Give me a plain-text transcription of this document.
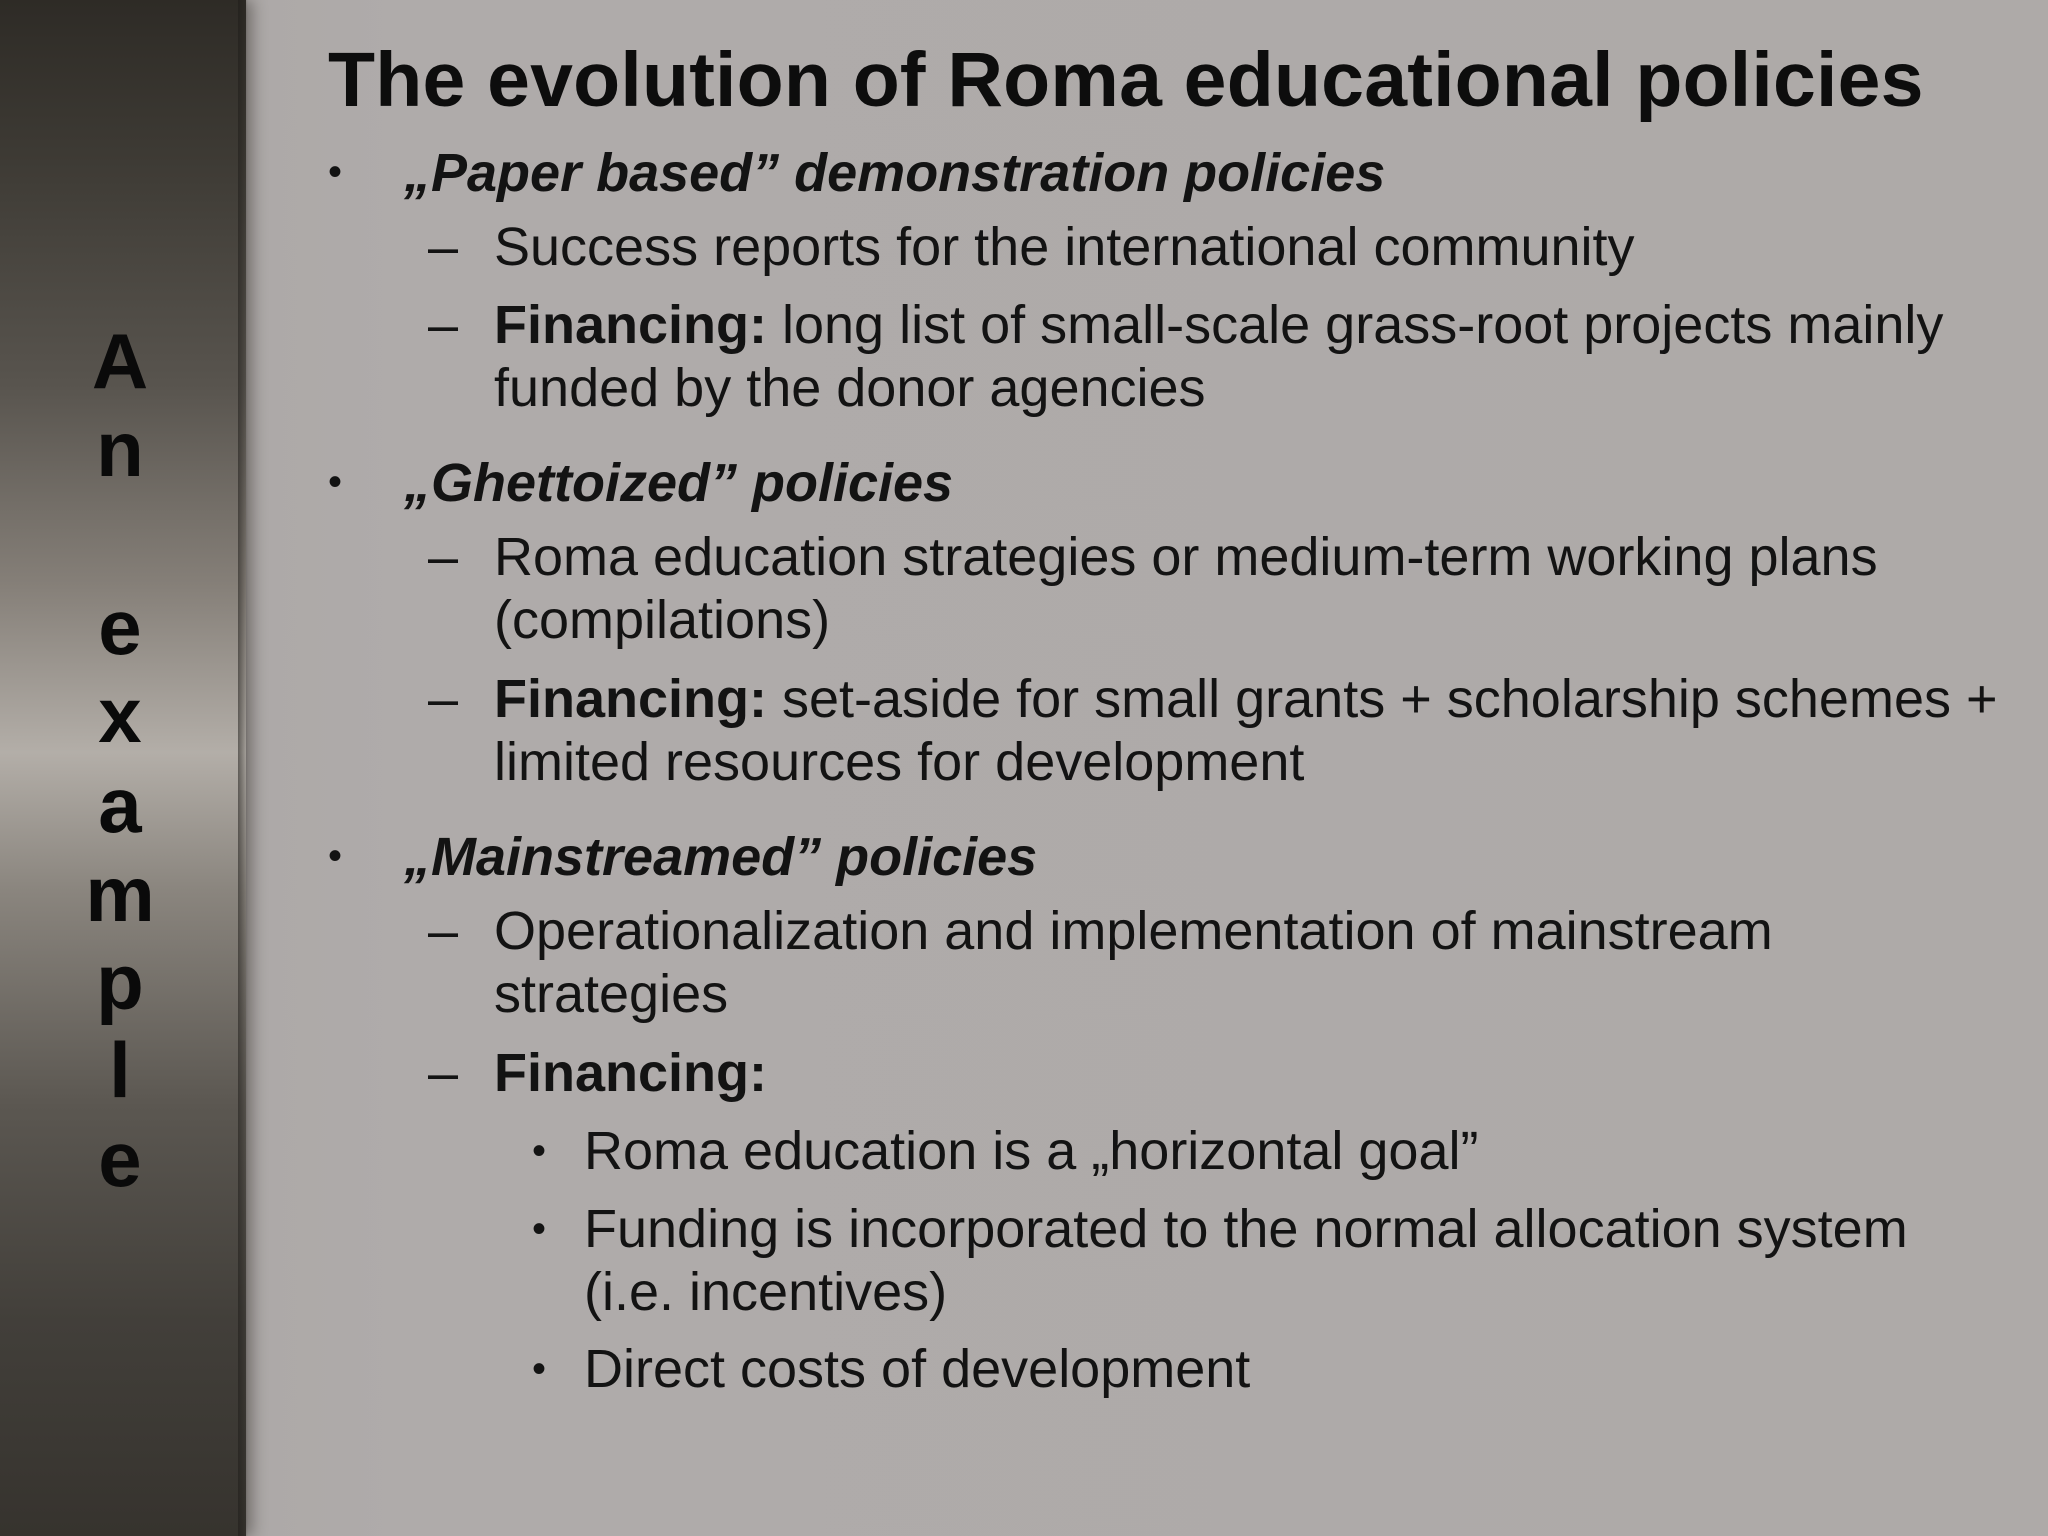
A
n
e
x
a
m
p
l
e
The evolution of Roma educational policies
• „Paper based” demonstration policies
– Success reports for the international community
– Financing: long list of small-scale grass-root projects mainly funded by the donor agencies
• „Ghettoized” policies
– Roma education strategies or medium-term working plans (compilations)
– Financing: set-aside for small grants + scholarship schemes + limited resources for development
• „Mainstreamed” policies
– Operationalization and implementation of mainstream strategies
– Financing:
• Roma education is a „horizontal goal”
• Funding is incorporated to the normal allocation system (i.e. incentives)
• Direct costs of development
